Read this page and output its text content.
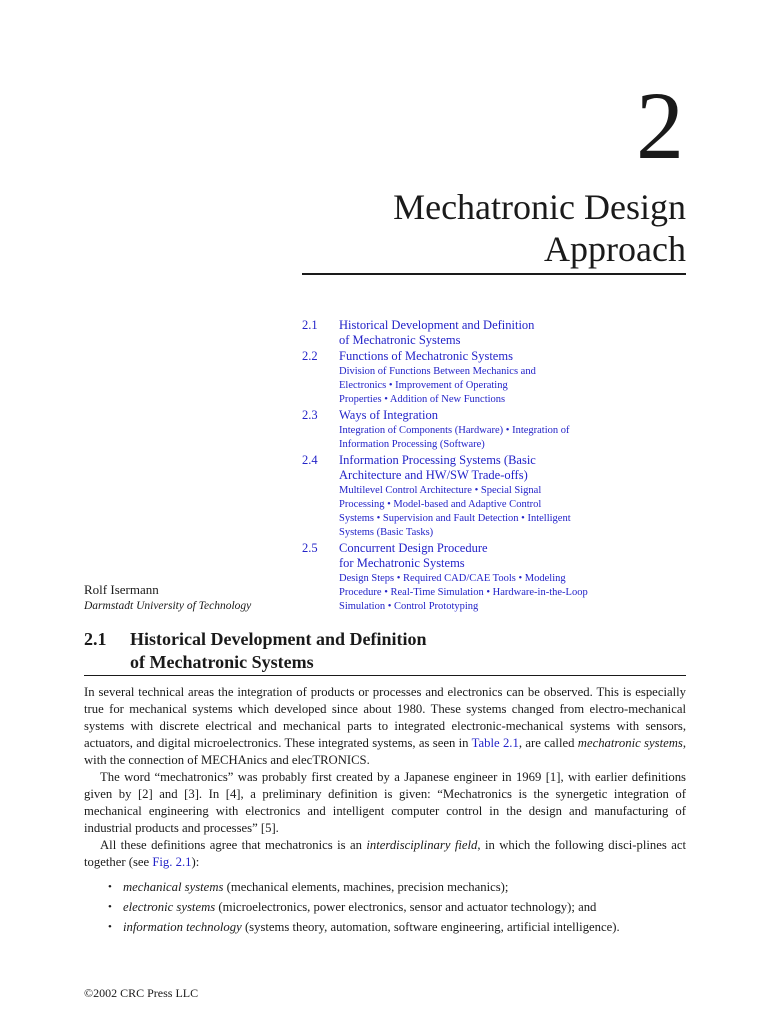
2
Mechatronic Design
Approach
2.1 Historical Development and Definition
of Mechatronic Systems
2.2 Functions of Mechatronic Systems
Division of Functions Between Mechanics and
Electronics • Improvement of Operating
Properties • Addition of New Functions
2.3 Ways of Integration
Integration of Components (Hardware) • Integration of
Information Processing (Software)
2.4 Information Processing Systems (Basic
Architecture and HW/SW Trade-offs)
Multilevel Control Architecture • Special Signal
Processing • Model-based and Adaptive Control
Systems • Supervision and Fault Detection • Intelligent
Systems (Basic Tasks)
2.5 Concurrent Design Procedure
for Mechatronic Systems
Design Steps • Required CAD/CAE Tools • Modeling
Procedure • Real-Time Simulation • Hardware-in-the-Loop
Simulation • Control Prototyping
Rolf Isermann
Darmstadt University of Technology
2.1 Historical Development and Definition
of Mechatronic Systems

In several technical areas the integration of products or processes and electronics can be observed. This is especially true for mechanical systems which developed since about 1980. These systems changed from electro-mechanical systems with discrete electrical and mechanical parts to integrated electronic-mechanical systems with sensors, actuators, and digital microelectronics. These integrated systems, as seen in Table 2.1, are called mechatronic systems, with the connection of MECHAnics and elecTRONICS.

The word “mechatronics” was probably first created by a Japanese engineer in 1969 [1], with earlier definitions given by [2] and [3]. In [4], a preliminary definition is given: “Mechatronics is the synergetic integration of mechanical engineering with electronics and intelligent computer control in the design and manufacturing of industrial products and processes” [5].

All these definitions agree that mechatronics is an interdisciplinary field, in which the following disci-plines act together (see Fig. 2.1):

• mechanical systems (mechanical elements, machines, precision mechanics);
• electronic systems (microelectronics, power electronics, sensor and actuator technology); and
• information technology (systems theory, automation, software engineering, artificial intelligence).
©2002 CRC Press LLC
